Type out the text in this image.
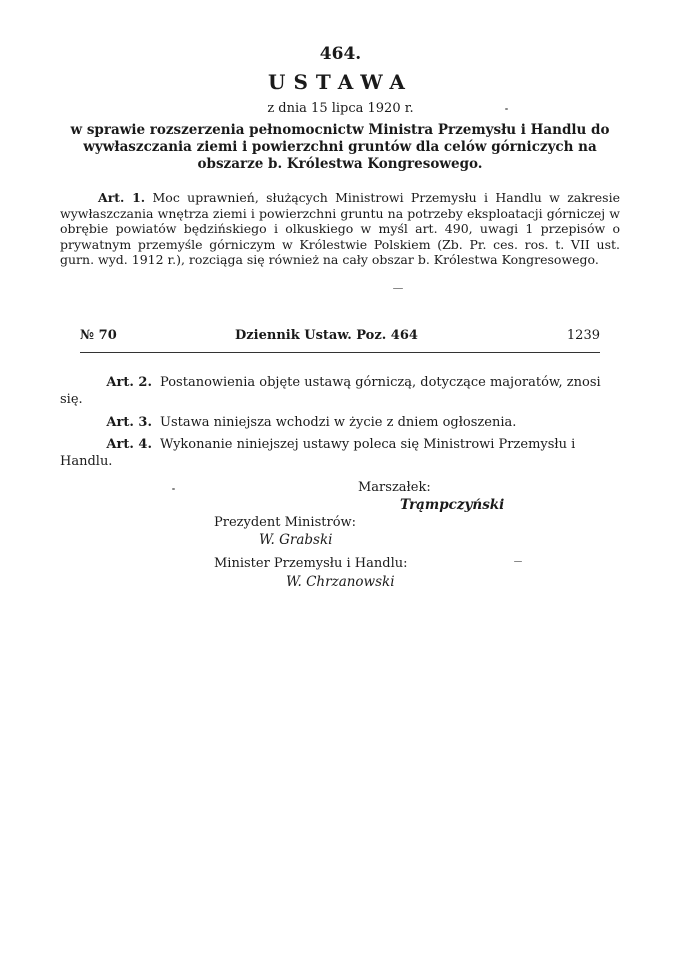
464.
USTAWA
z dnia 15 lipca 1920 r.
w sprawie rozszerzenia pełnomocnictw Ministra Przemysłu i Handlu do wywłaszczania ziemi i powierzchni gruntów dla celów górniczych na obszarze b. Królestwa Kongresowego.
Art. 1. Moc uprawnień, służących Ministrowi Przemysłu i Handlu w zakresie wywłaszczania wnętrza ziemi i powierzchni gruntu na potrzeby eksploatacji górniczej w obrębie powiatów będzińskiego i olkuskiego w myśl art. 490, uwagi 1 przepisów o prywatnym przemyśle górniczym w Królestwie Polskiem (Zb. Pr. ces. ros. t. VII ust. gurn. wyd. 1912 r.), rozciąga się również na cały obszar b. Królestwa Kongresowego.
№ 70	Dziennik Ustaw. Poz. 464	1239
Art. 2. Postanowienia objęte ustawą górniczą, dotyczące majoratów, znosi się.
Art. 3. Ustawa niniejsza wchodzi w życie z dniem ogłoszenia.
Art. 4. Wykonanie niniejszej ustawy poleca się Ministrowi Przemysłu i Handlu.
Marszałek:
Trąmpczyński
Prezydent Ministrów:
W. Grabski
Minister Przemysłu i Handlu:
W. Chrzanowski
